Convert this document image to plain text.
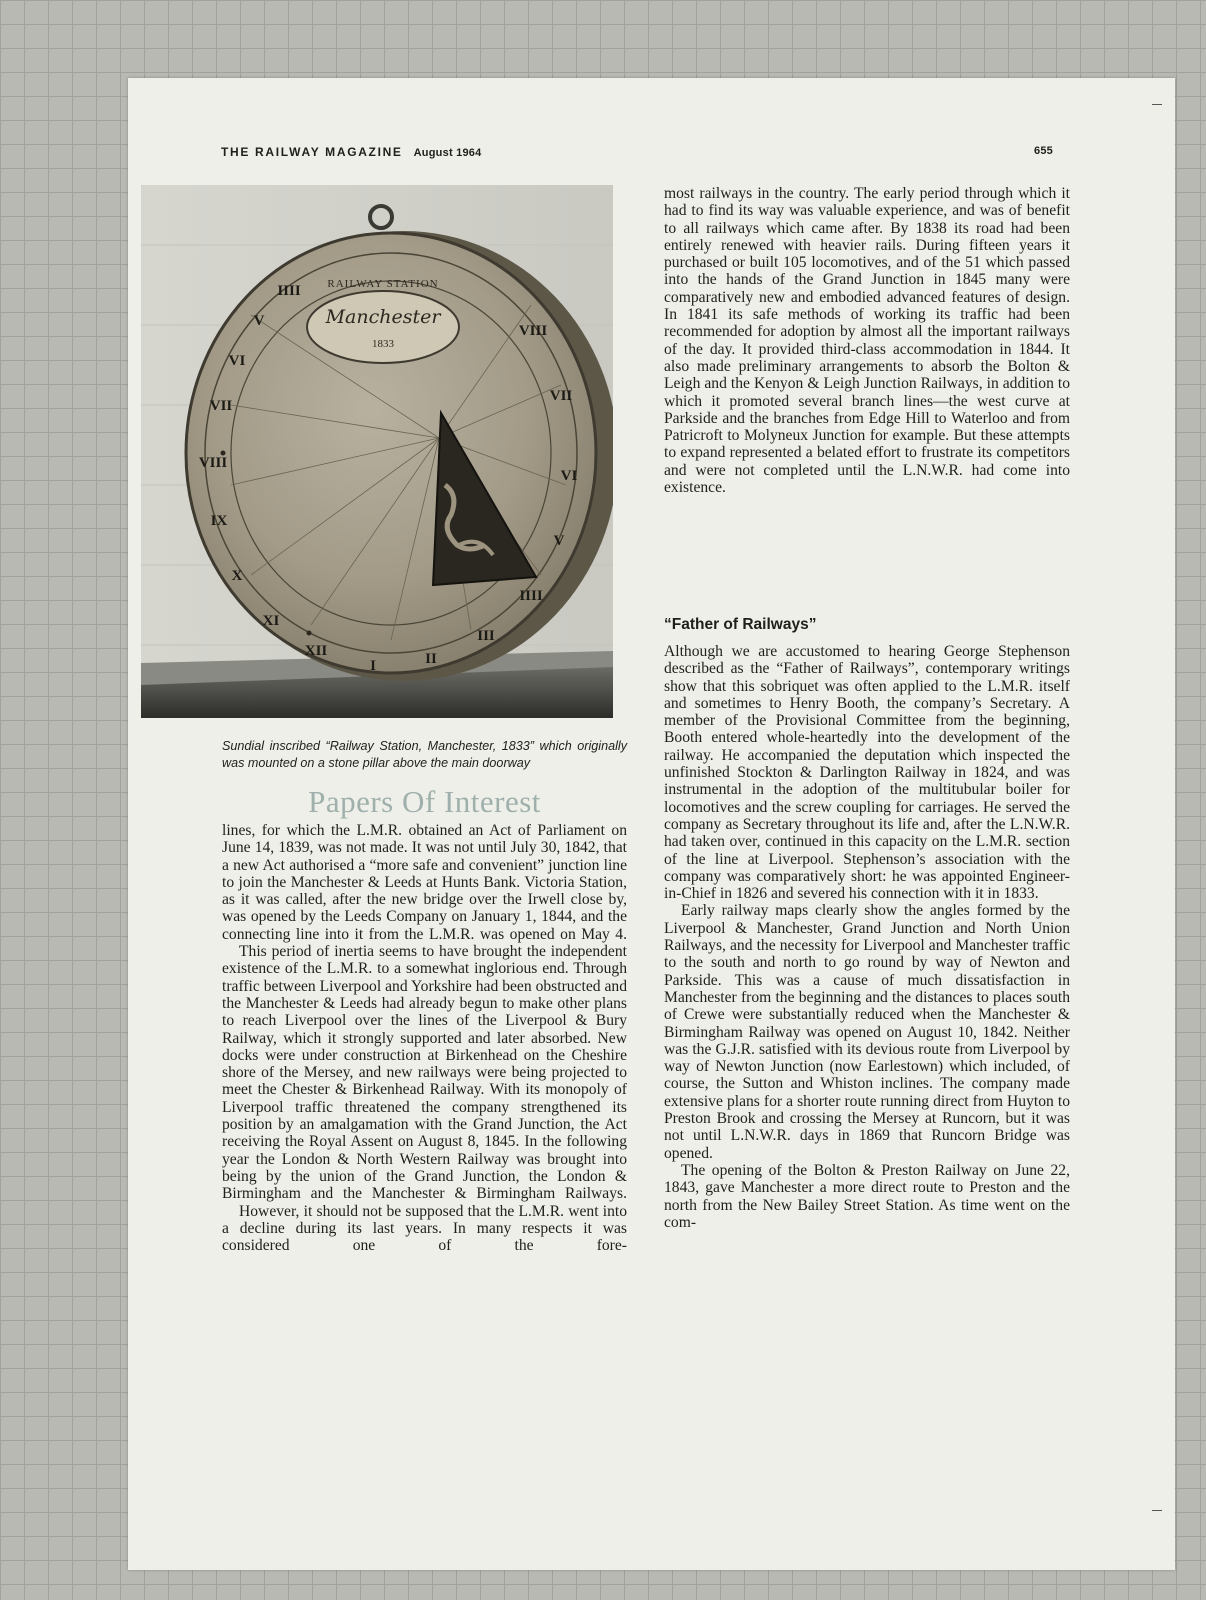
THE RAILWAY MAGAZINE August 1964	655
RAILWAY STATION
Manchester
1833
IIII
V
VI
VII
VIII
IX
X
XI
XII
I	II
III
IIII
V
VI
VII
VIII
Sundial inscribed “Railway Station, Manchester, 1833” which originally was mounted on a stone pillar above the main doorway
Papers Of Interest

lines, for which the L.M.R. obtained an Act of Parliament on June 14, 1839, was not made. It was not until July 30, 1842, that a new Act authorised a “more safe and convenient” junction line to join the Manchester & Leeds at Hunts Bank. Victoria Station, as it was called, after the new bridge over the Irwell close by, was opened by the Leeds Company on January 1, 1844, and the connecting line into it from the L.M.R. was opened on May 4.

This period of inertia seems to have brought the independent existence of the L.M.R. to a somewhat inglorious end. Through traffic between Liverpool and Yorkshire had been obstructed and the Manchester & Leeds had already begun to make other plans to reach Liverpool over the lines of the Liverpool & Bury Railway, which it strongly supported and later absorbed. New docks were under construction at Birkenhead on the Cheshire shore of the Mersey, and new railways were being projected to meet the Chester & Birkenhead Railway. With its monopoly of Liverpool traffic threatened the company strengthened its position by an amalgamation with the Grand Junction, the Act receiving the Royal Assent on August 8, 1845. In the following year the London & North Western Railway was brought into being by the union of the Grand Junction, the London & Birmingham and the Manchester & Birmingham Railways.

However, it should not be supposed that the L.M.R. went into a decline during its last years. In many respects it was considered one of the fore-

most railways in the country. The early period through which it had to find its way was valuable experience, and was of benefit to all railways which came after. By 1838 its road had been entirely renewed with heavier rails. During fifteen years it purchased or built 105 locomotives, and of the 51 which passed into the hands of the Grand Junction in 1845 many were comparatively new and embodied advanced features of design. In 1841 its safe methods of working its traffic had been recommended for adoption by almost all the important railways of the day. It provided third-class accommodation in 1844. It also made preliminary arrangements to absorb the Bolton & Leigh and the Kenyon & Leigh Junction Railways, in addition to which it promoted several branch lines—the west curve at Parkside and the branches from Edge Hill to Waterloo and from Patricroft to Molyneux Junction for example. But these attempts to expand represented a belated effort to frustrate its competitors and were not completed until the L.N.W.R. had come into existence.

“Father of Railways”

Although we are accustomed to hearing George Stephenson described as the “Father of Railways”, contemporary writings show that this sobriquet was often applied to the L.M.R. itself and sometimes to Henry Booth, the company’s Secretary. A member of the Provisional Committee from the beginning, Booth entered whole-heartedly into the development of the railway. He accompanied the deputation which inspected the unfinished Stockton & Darlington Railway in 1824, and was instrumental in the adoption of the multitubular boiler for locomotives and the screw coupling for carriages. He served the company as Secretary throughout its life and, after the L.N.W.R. had taken over, continued in this capacity on the L.M.R. section of the line at Liverpool. Stephenson’s association with the company was comparatively short: he was appointed Engineer-in-Chief in 1826 and severed his connection with it in 1833.

Early railway maps clearly show the angles formed by the Liverpool & Manchester, Grand Junction and North Union Railways, and the necessity for Liverpool and Manchester traffic to the south and north to go round by way of Newton and Parkside. This was a cause of much dissatisfaction in Manchester from the beginning and the distances to places south of Crewe were substantially reduced when the Manchester & Birmingham Railway was opened on August 10, 1842. Neither was the G.J.R. satisfied with its devious route from Liverpool by way of Newton Junction (now Earlestown) which included, of course, the Sutton and Whiston inclines. The company made extensive plans for a shorter route running direct from Huyton to Preston Brook and crossing the Mersey at Runcorn, but it was not until L.N.W.R. days in 1869 that Runcorn Bridge was opened.

The opening of the Bolton & Preston Railway on June 22, 1843, gave Manchester a more direct route to Preston and the north from the New Bailey Street Station. As time went on the com-
